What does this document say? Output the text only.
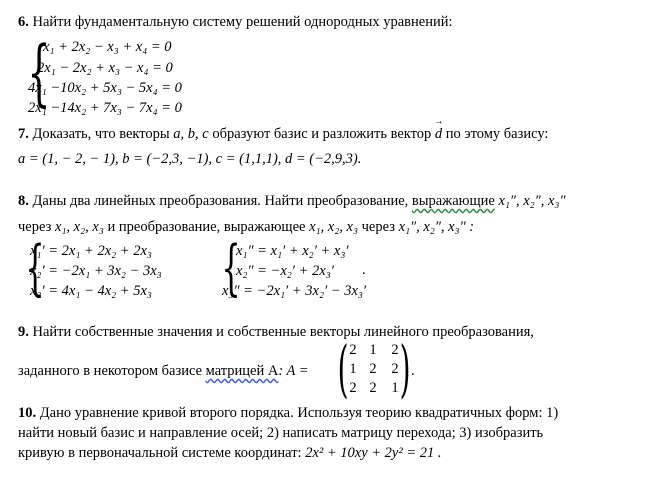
6. Найти фундаментальную систему решений однородных уравнений:
{
x₁ + 2x₂ − x₃ + x₄ = 0
2x₁ − 2x₂ + x₃ − x₄ = 0
4x₁ −10x₂ + 5x₃ − 5x₄ = 0
2x₁ −14x₂ + 7x₃ − 7x₄ = 0
7. Доказать, что векторы a, b, c образуют базис и разложить вектор → d по этому базису:
a = (1, − 2, − 1), b = (−2,3, −1), c = (1,1,1), d = (−2,9,3).
8. Даны два линейных преобразования. Найти преобразование, выражающие x₁″, x₂″, x₃″
через x₁, x₂, x₃ и преобразование, выражающее x₁, x₂, x₃ через x₁″, x₂″, x₃″ :
{
x₁′ = 2x₁ + 2x₂ + 2x₃
x₂′ = −2x₁ + 3x₂ − 3x₃
x₃′ = 4x₁ − 4x₂ + 5x₃ {
x₁″ = x₁′ + x₂′ + x₃′
x₂″ = −x₂′ + 2x₃′
x₃″ = −2x₁′ + 3x₂′ − 3x₃′
.
9. Найти собственные значения и собственные векторы линейного преобразования,
заданного в некотором базисе матрицей A: A = ( )
2 1	2
1 2	2
2 2	1
.
10. Дано уравнение кривой второго порядка. Используя теорию квадратичных форм: 1)
найти новый базис и направление осей; 2) написать матрицу перехода; 3) изобразить
кривую в первоначальной системе координат: 2x² + 10xy + 2y² = 21 .
